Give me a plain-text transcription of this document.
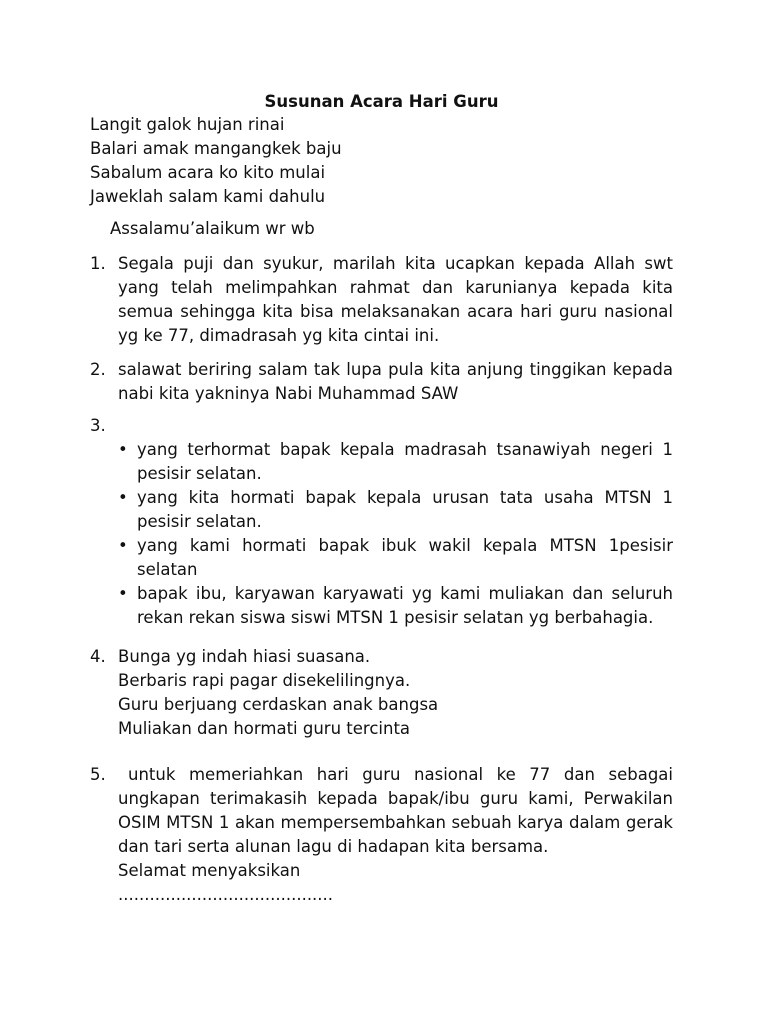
Susunan Acara Hari Guru
Langit galok hujan rinai
Balari amak mangangkek baju
Sabalum acara ko kito mulai
Jaweklah salam kami dahulu
Assalamu’alaikum wr wb
1. Segala puji dan syukur, marilah kita ucapkan kepada Allah swt yang telah melimpahkan rahmat dan karunianya kepada kita semua sehingga kita bisa melaksanakan acara hari guru nasional yg ke 77, dimadrasah yg kita cintai ini.
2. salawat beriring salam tak lupa pula kita anjung tinggikan kepada nabi kita yakninya Nabi Muhammad SAW
3.
• yang terhormat bapak kepala madrasah tsanawiyah negeri 1 pesisir selatan.
• yang kita hormati bapak kepala urusan tata usaha MTSN 1 pesisir selatan.
• yang kami hormati bapak ibuk wakil kepala MTSN 1pesisir selatan
• bapak ibu, karyawan karyawati yg kami muliakan dan seluruh rekan rekan siswa siswi MTSN 1 pesisir selatan yg berbahagia.
4. Bunga yg indah hiasi suasana.
Berbaris rapi pagar disekelilingnya.
Guru berjuang cerdaskan anak bangsa
Muliakan dan hormati guru tercinta
5.	untuk memeriahkan hari guru nasional ke 77 dan sebagai ungkapan terimakasih kepada bapak/ibu guru kami, Perwakilan OSIM MTSN 1 akan mempersembahkan sebuah karya dalam gerak dan tari serta alunan lagu di hadapan kita bersama.
Selamat menyaksikan
.........................................
